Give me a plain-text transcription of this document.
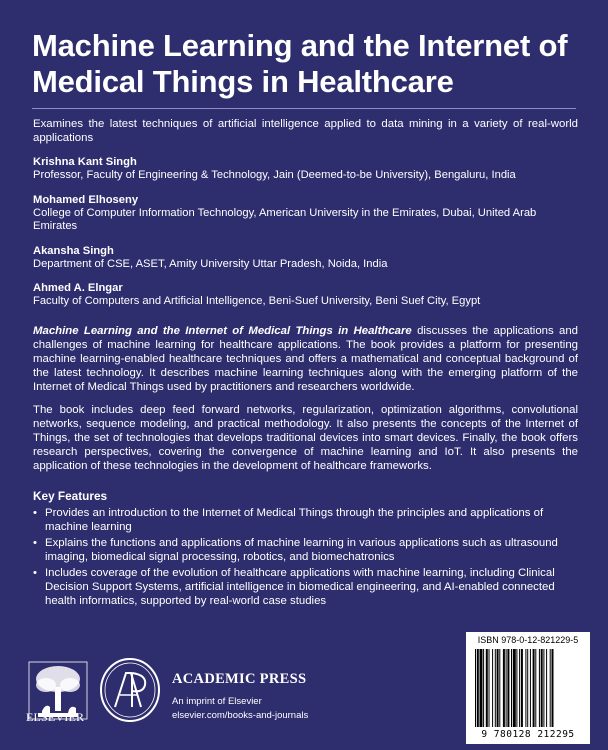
Machine Learning and the Internet of Medical Things in Healthcare
Examines the latest techniques of artificial intelligence applied to data mining in a variety of real-world applications
Krishna Kant Singh
Professor, Faculty of Engineering & Technology, Jain (Deemed-to-be University), Bengaluru, India
Mohamed Elhoseny
College of Computer Information Technology, American University in the Emirates, Dubai, United Arab Emirates
Akansha Singh
Department of CSE, ASET, Amity University Uttar Pradesh, Noida, India
Ahmed A. Elngar
Faculty of Computers and Artificial Intelligence, Beni-Suef University, Beni Suef City, Egypt

Machine Learning and the Internet of Medical Things in Healthcare discusses the applications and challenges of machine learning for healthcare applications. The book provides a platform for presenting machine learning-enabled healthcare techniques and offers a mathematical and conceptual background of the latest technology. It describes machine learning techniques along with the emerging platform of the Internet of Medical Things used by practitioners and researchers worldwide.

The book includes deep feed forward networks, regularization, optimization algorithms, convolutional networks, sequence modeling, and practical methodology. It also presents the concepts of the Internet of Things, the set of technologies that develops traditional devices into smart devices. Finally, the book offers research perspectives, covering the convergence of machine learning and IoT. It also presents the application of these technologies in the development of healthcare frameworks.

Key Features
• Provides an introduction to the Internet of Medical Things through the principles and applications of machine learning
• Explains the functions and applications of machine learning in various applications such as ultrasound imaging, biomedical signal processing, robotics, and biomechatronics
• Includes coverage of the evolution of healthcare applications with machine learning, including Clinical Decision Support Systems, artificial intelligence in biomedical engineering, and AI-enabled connected health informatics, supported by real-world case studies
ELSEVIER
ACADEMIC PRESS
An imprint of Elsevier
elsevier.com/books-and-journals
ISBN 978-0-12-821229-5
9 780128 212295
